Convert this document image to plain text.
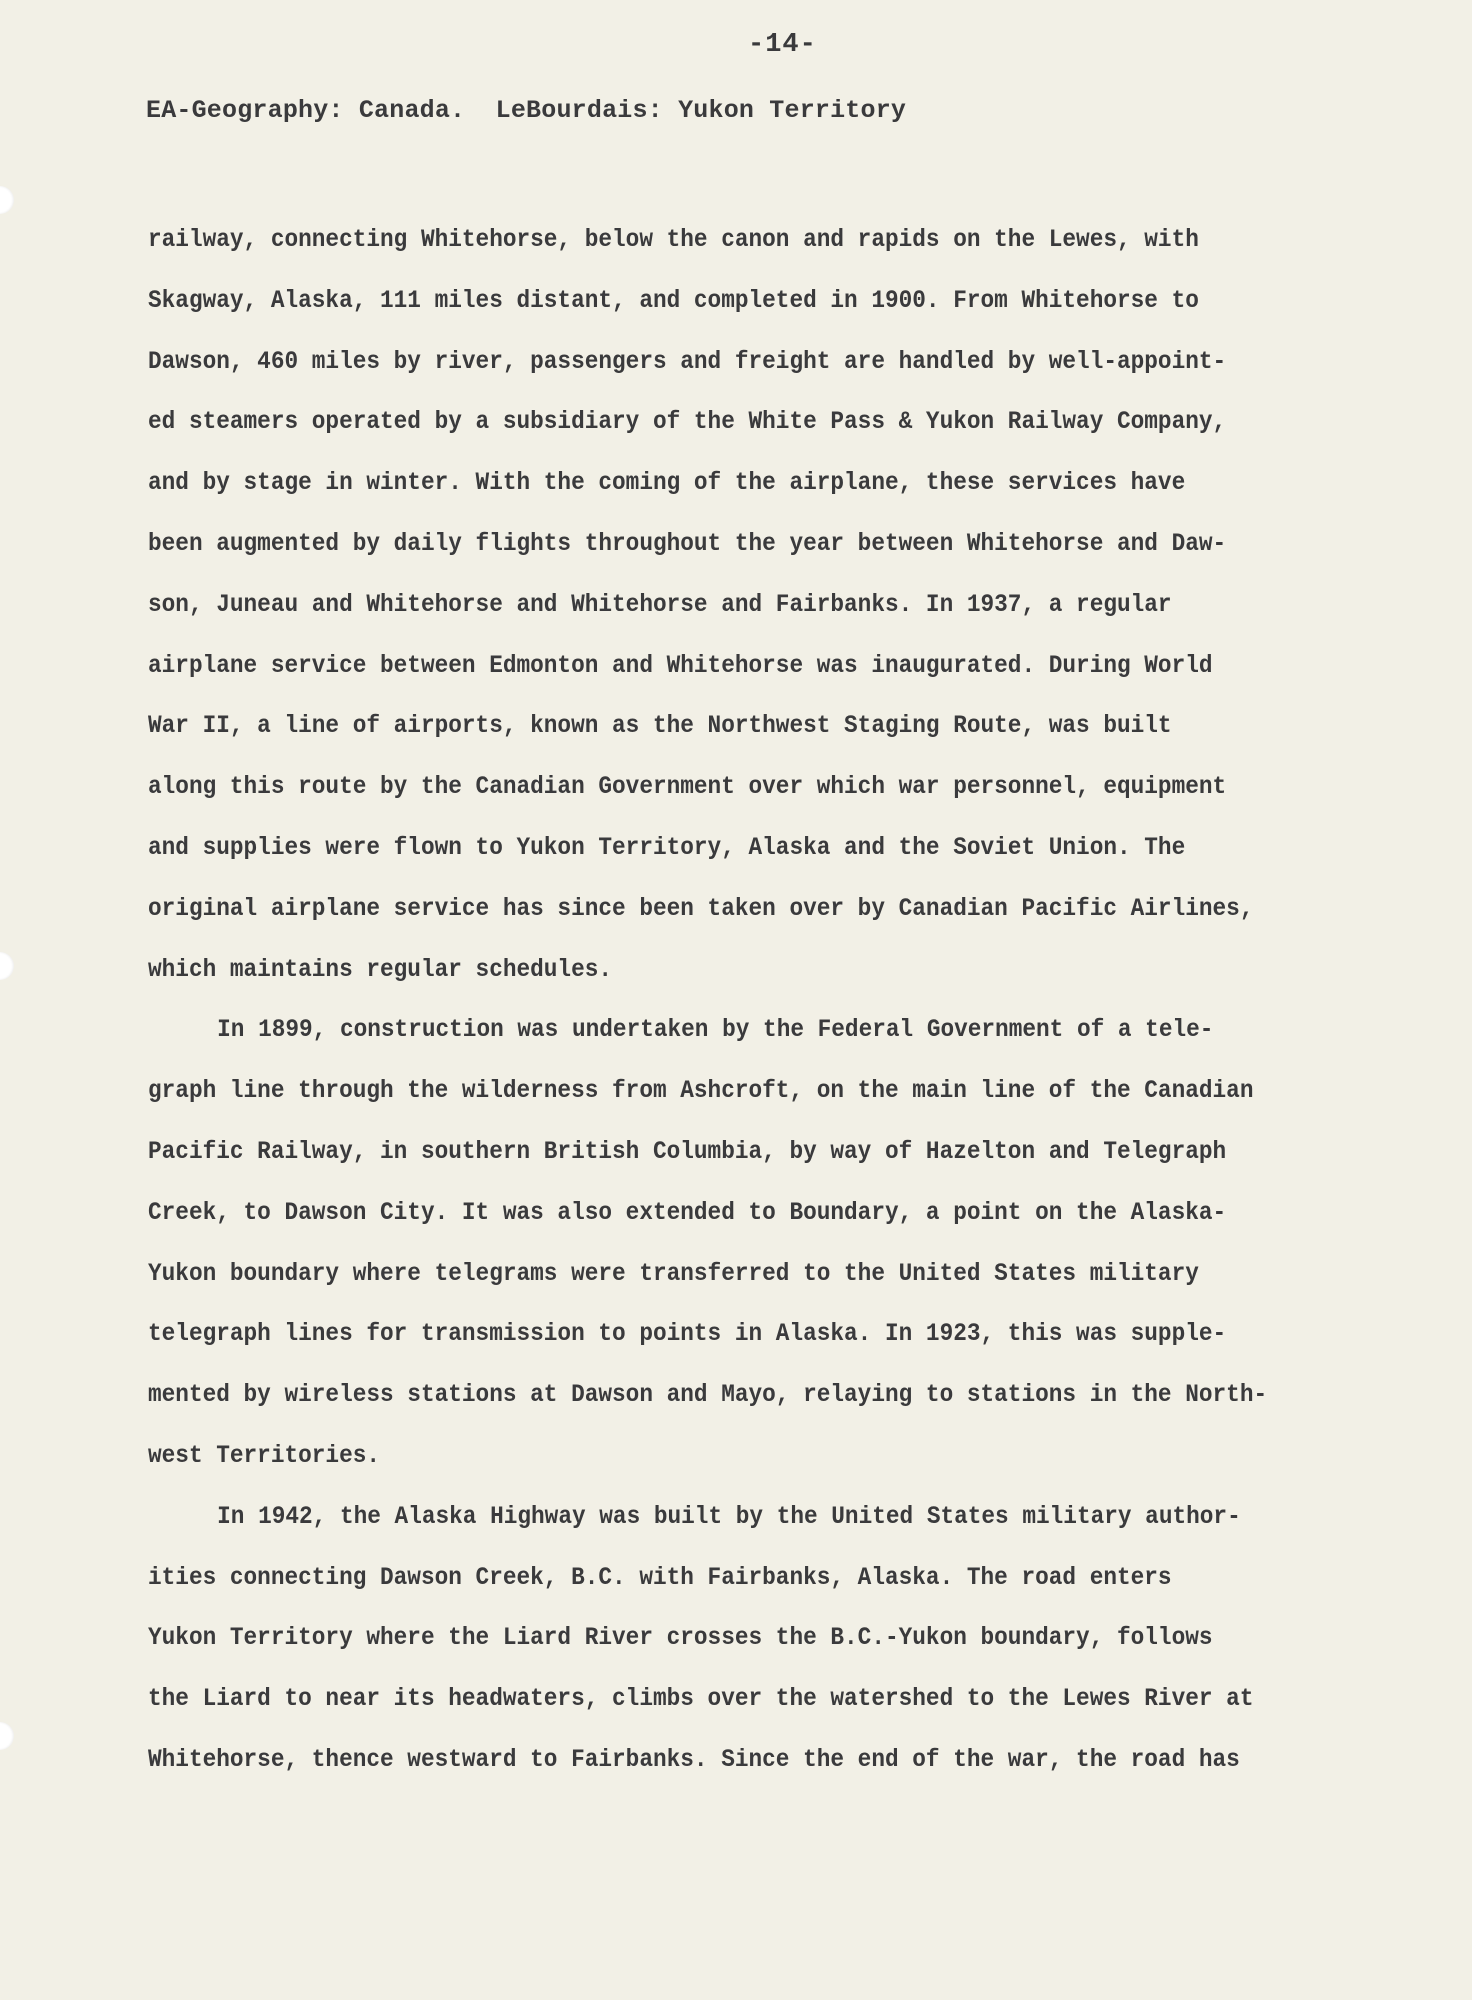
-14-
EA-Geography: Canada.  LeBourdais: Yukon Territory
railway, connecting Whitehorse, below the canon and rapids on the Lewes, with
Skagway, Alaska, 111 miles distant, and completed in 1900. From Whitehorse to
Dawson, 460 miles by river, passengers and freight are handled by well-appoint-
ed steamers operated by a subsidiary of the White Pass & Yukon Railway Company,
and by stage in winter. With the coming of the airplane, these services have
been augmented by daily flights throughout the year between Whitehorse and Daw-
son, Juneau and Whitehorse and Whitehorse and Fairbanks. In 1937, a regular
airplane service between Edmonton and Whitehorse was inaugurated. During World
War II, a line of airports, known as the Northwest Staging Route, was built
along this route by the Canadian Government over which war personnel, equipment
and supplies were flown to Yukon Territory, Alaska and the Soviet Union. The
original airplane service has since been taken over by Canadian Pacific Airlines,
which maintains regular schedules.
In 1899, construction was undertaken by the Federal Government of a tele-
graph line through the wilderness from Ashcroft, on the main line of the Canadian
Pacific Railway, in southern British Columbia, by way of Hazelton and Telegraph
Creek, to Dawson City. It was also extended to Boundary, a point on the Alaska-
Yukon boundary where telegrams were transferred to the United States military
telegraph lines for transmission to points in Alaska. In 1923, this was supple-
mented by wireless stations at Dawson and Mayo, relaying to stations in the North-
west Territories.
In 1942, the Alaska Highway was built by the United States military author-
ities connecting Dawson Creek, B.C. with Fairbanks, Alaska. The road enters
Yukon Territory where the Liard River crosses the B.C.-Yukon boundary, follows
the Liard to near its headwaters, climbs over the watershed to the Lewes River at
Whitehorse, thence westward to Fairbanks. Since the end of the war, the road has
